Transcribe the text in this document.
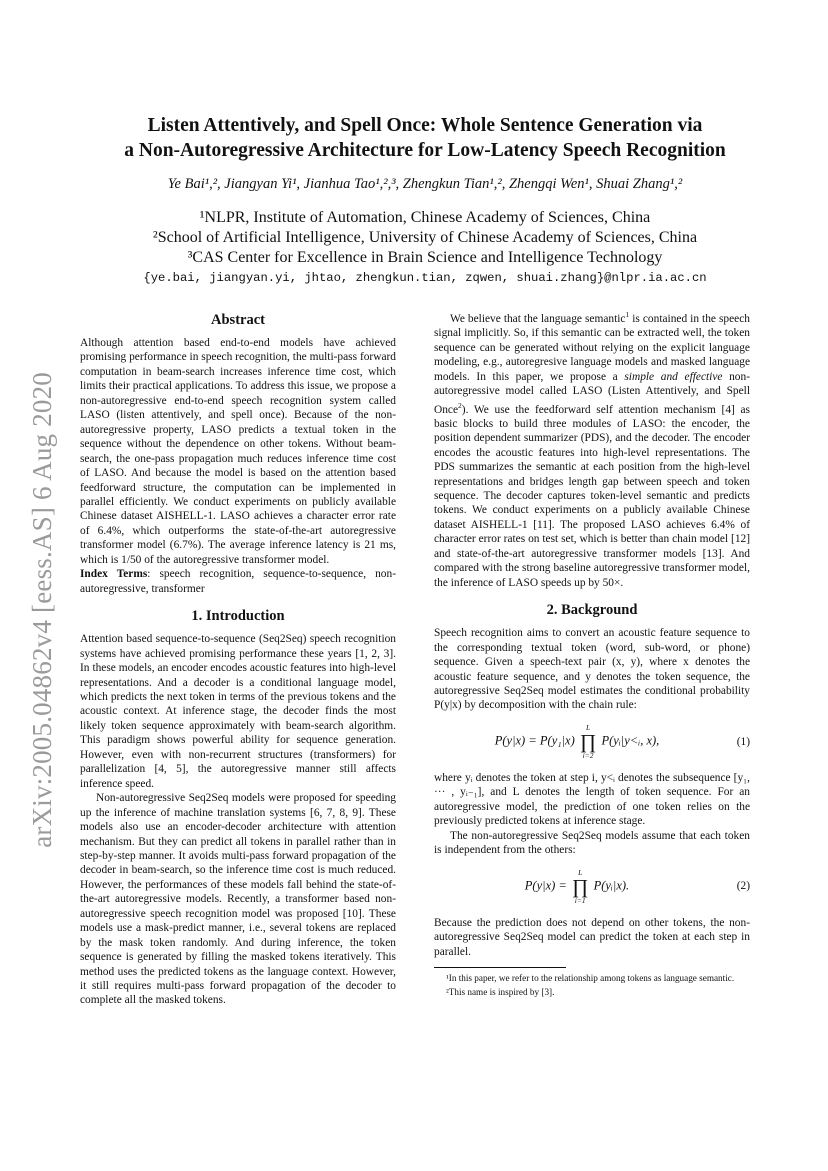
arXiv:2005.04862v4 [eess.AS] 6 Aug 2020
Listen Attentively, and Spell Once: Whole Sentence Generation via
a Non-Autoregressive Architecture for Low-Latency Speech Recognition
Ye Bai¹,², Jiangyan Yi¹, Jianhua Tao¹,²,³, Zhengkun Tian¹,², Zhengqi Wen¹, Shuai Zhang¹,²
¹NLPR, Institute of Automation, Chinese Academy of Sciences, China
²School of Artificial Intelligence, University of Chinese Academy of Sciences, China
³CAS Center for Excellence in Brain Science and Intelligence Technology
{ye.bai, jiangyan.yi, jhtao, zhengkun.tian, zqwen, shuai.zhang}@nlpr.ia.ac.cn
Abstract

Although attention based end-to-end models have achieved promising performance in speech recognition, the multi-pass forward computation in beam-search increases inference time cost, which limits their practical applications. To address this issue, we propose a non-autoregressive end-to-end speech recognition system called LASO (listen attentively, and spell once). Because of the non-autoregressive property, LASO predicts a textual token in the sequence without the dependence on other tokens. Without beam-search, the one-pass propagation much reduces inference time cost of LASO. And because the model is based on the attention based feedforward structure, the computation can be implemented in parallel efficiently. We conduct experiments on publicly available Chinese dataset AISHELL-1. LASO achieves a character error rate of 6.4%, which outperforms the state-of-the-art autoregressive transformer model (6.7%). The average inference latency is 21 ms, which is 1/50 of the autoregressive transformer model.

Index Terms: speech recognition, sequence-to-sequence, non-autoregressive, transformer

1. Introduction

Attention based sequence-to-sequence (Seq2Seq) speech recognition systems have achieved promising performance these years [1, 2, 3]. In these models, an encoder encodes acoustic features into high-level representations. And a decoder is a conditional language model, which predicts the next token in terms of the previous tokens and the acoustic context. At inference stage, the decoder finds the most likely token sequence approximately with beam-search algorithm. This paradigm shows powerful ability for sequence generation. However, even with non-recurrent structures (transformers) for parallelization [4, 5], the autoregressive manner still affects inference speed.

Non-autoregressive Seq2Seq models were proposed for speeding up the inference of machine translation systems [6, 7, 8, 9]. These models also use an encoder-decoder architecture with attention mechanism. But they can predict all tokens in parallel rather than in step-by-step manner. It avoids multi-pass forward propagation of the decoder in beam-search, so the inference time cost is much reduced. However, the performances of these models fall behind the state-of-the-art autoregressive models. Recently, a transformer based non-autoregressive speech recognition model was proposed [10]. These models use a mask-predict manner, i.e., several tokens are replaced by the mask token randomly. And during inference, the token sequence is generated by filling the masked tokens iteratively. This method uses the predicted tokens as the language context. However, it still requires multi-pass forward propagation of the decoder to complete all the masked tokens.

We believe that the language semantic$^1$ is contained in the speech signal implicitly. So, if this semantic can be extracted well, the token sequence can be generated without relying on the explicit language modeling, e.g., autoregresive language models and masked language models. In this paper, we propose a simple and effective non-autoregressive model called LASO (Listen Attentively, and Spell Once$^2$). We use the feedforward self attention mechanism [4] as basic blocks to build three modules of LASO: the encoder, the position dependent summarizer (PDS), and the decoder. The encoder encodes the acoustic features into high-level representations. The PDS summarizes the semantic at each position from the high-level representations and bridges length gap between speech and token sequence. The decoder captures token-level semantic and predicts tokens. We conduct experiments on a publicly available Chinese dataset AISHELL-1 [11]. The proposed LASO achieves 6.4% of character error rates on test set, which is better than chain model [12] and state-of-the-art autoregressive transformer models [13]. And compared with the strong baseline autoregressive transformer model, the inference of LASO speeds up by 50×.

2. Background

Speech recognition aims to convert an acoustic feature sequence to the corresponding textual token (word, sub-word, or phone) sequence. Given a speech-text pair (x, y), where x denotes the acoustic feature sequence, and y denotes the token sequence, the autoregressive Seq2Seq model estimates the conditional probability P(y|x) by decomposition with the chain rule:

P(y|x) = P(y₁|x)
L
∏
i=2
P(yᵢ|y<ᵢ, x),	(1)

where yᵢ denotes the token at step i, y<ᵢ denotes the subsequence [y₁, ··· , yᵢ₋₁], and L denotes the length of token sequence. For an autoregressive model, the prediction of one token relies on the previously predicted tokens at inference stage.

The non-autoregressive Seq2Seq models assume that each token is independent from the others:

P(y|x) =
L
∏
i=1
P(yᵢ|x).	(2)

Because the prediction does not depend on other tokens, the non-autoregressive Seq2Seq model can predict the token at each step in parallel.

¹In this paper, we refer to the relationship among tokens as language semantic.

²This name is inspired by [3].
